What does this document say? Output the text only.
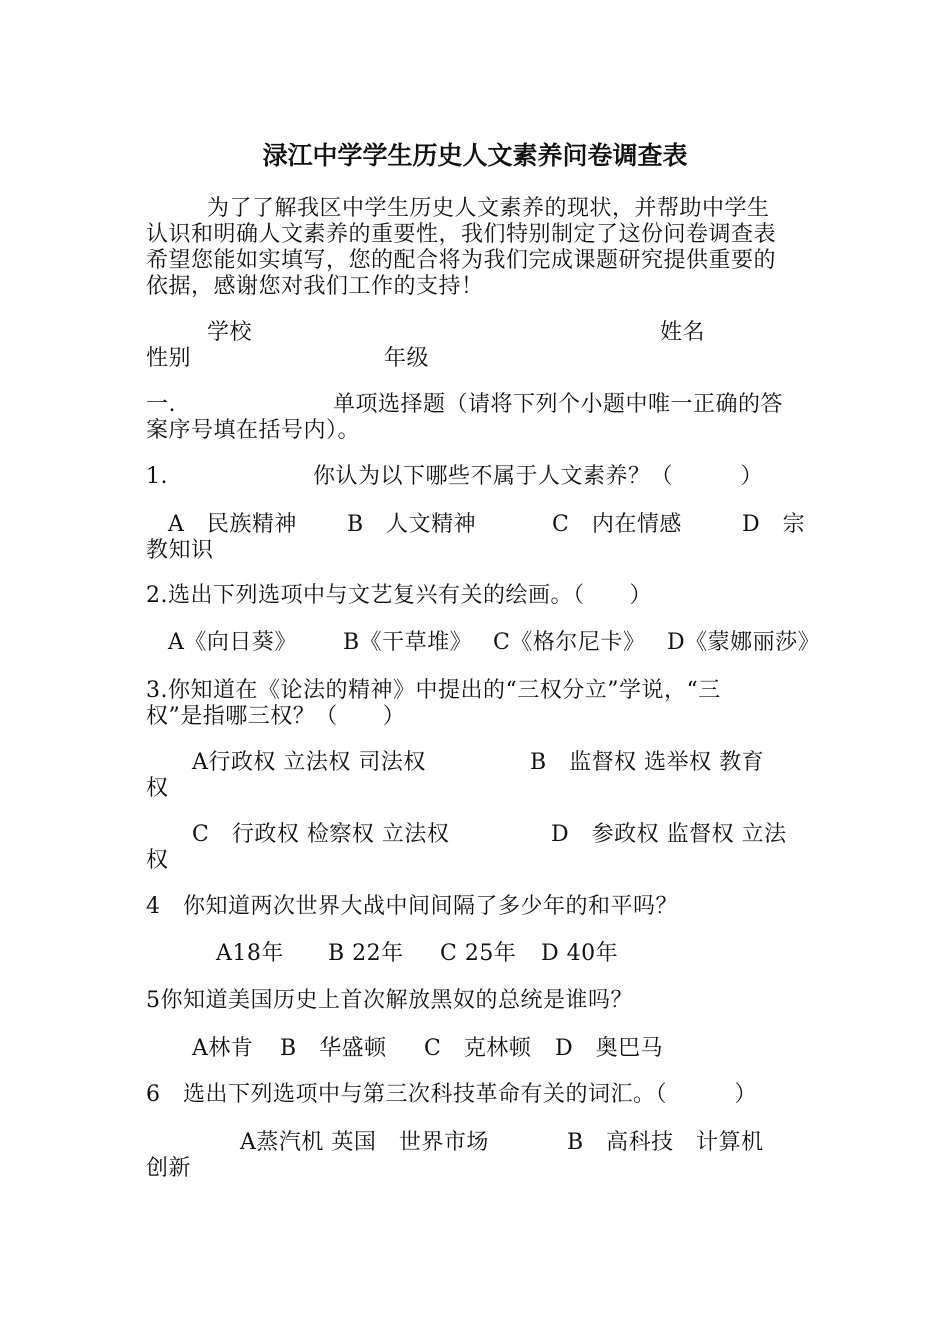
渌江中学学生历史人文素养问卷调查表
为了了解我区中学生历史人文素养的现状，并帮助中学生
认识和明确人文素养的重要性，我们特别制定了这份问卷调查表
希望您能如实填写，您的配合将为我们完成课题研究提供重要的
依据，感谢您对我们工作的支持！
学校	姓名
性别	年级
一.	单项选择题（请将下列个小题中唯一正确的答
案序号填在括号内）。
1.	你认为以下哪些不属于人文素养？（　　　）
A　民族精神 B　人文精神	C　内在情感	D　宗
教知识
2.选出下列选项中与文艺复兴有关的绘画。（　　）
A《向日葵》 B《干草堆》 C《格尔尼卡》 D《蒙娜丽莎》
3.你知道在《论法的精神》中提出的“三权分立”学说，“三
权”是指哪三权？（　　）
A行政权 立法权 司法权	B　监督权 选举权 教育
权
C　行政权 检察权 立法权	D　参政权 监督权 立法
权
4　你知道两次世界大战中间间隔了多少年的和平吗？
A18年 B 22年 C 25年 D 40年
5你知道美国历史上首次解放黑奴的总统是谁吗？
A林肯 B　华盛顿 C　克林顿 D　奥巴马
6　选出下列选项中与第三次科技革命有关的词汇。（　　　）
A蒸汽机 英国　世界市场	B　高科技　计算机
创新
